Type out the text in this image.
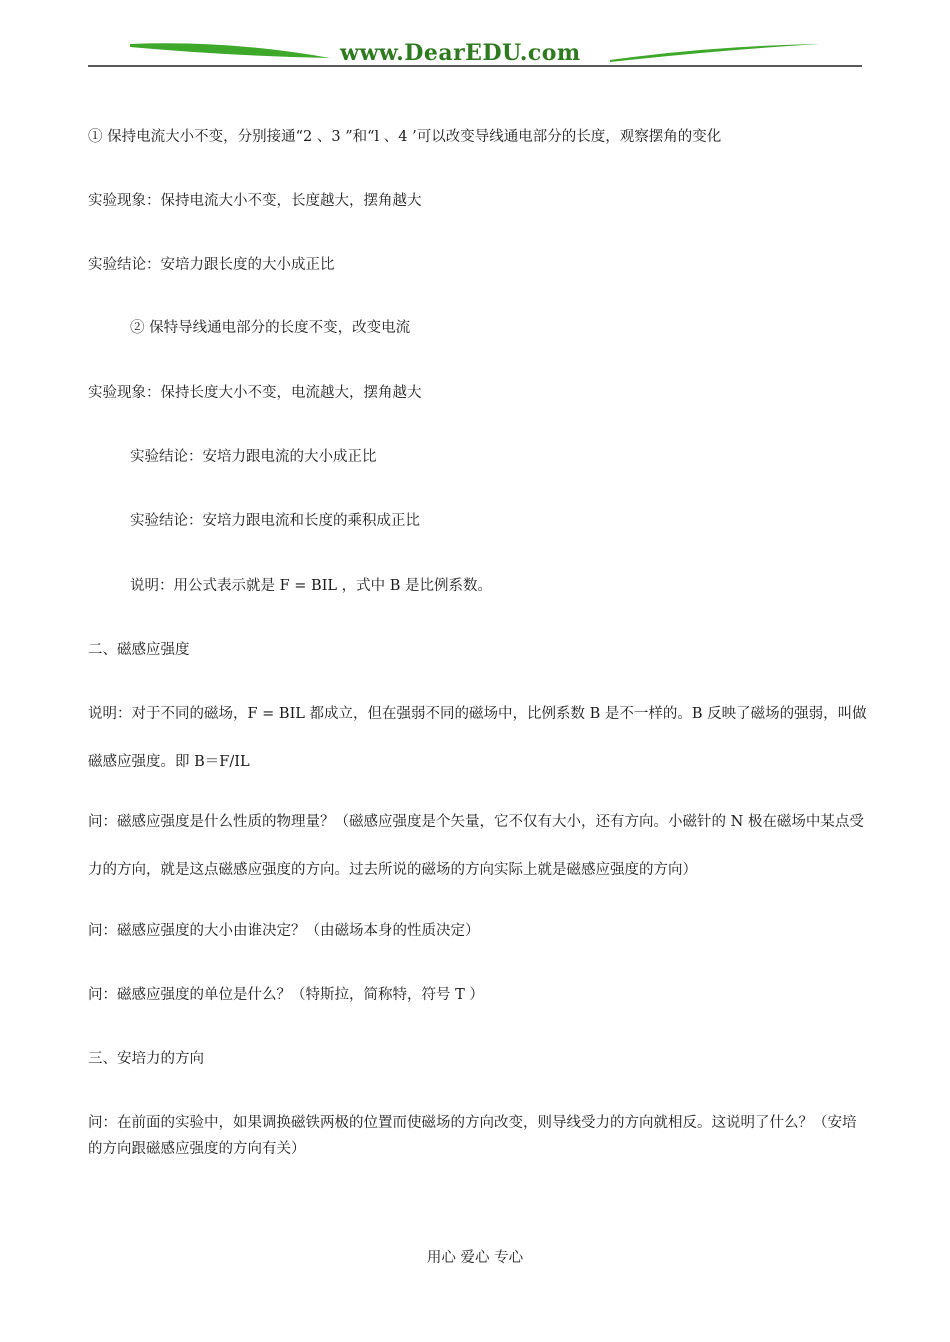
www.DearEDU.com
① 保持电流大小不变，分别接通“2 、3 ”和“l 、4 ’可以改变导线通电部分的长度，观察摆角的变化
实验现象：保持电流大小不变，长度越大，摆角越大
实验结论：安培力跟长度的大小成正比
② 保特导线通电部分的长度不变，改变电流
实验现象：保持长度大小不变，电流越大，摆角越大
实验结论：安培力跟电流的大小成正比
实验结论：安培力跟电流和长度的乘积成正比
说明：用公式表示就是 F = BIL ，式中 B 是比例系数。
二、磁感应强度
说明：对于不同的磁场，F = BIL 都成立，但在强弱不同的磁场中，比例系数 B 是不一样的。B 反映了磁场的强弱，叫做磁感应强度。即 B＝F/IL
问：磁感应强度是什么性质的物理量？（磁感应强度是个矢量，它不仅有大小，还有方向。小磁针的 N 极在磁场中某点受力的方向，就是这点磁感应强度的方向。过去所说的磁场的方向实际上就是磁感应强度的方向）
问：磁感应强度的大小由谁决定？（由磁场本身的性质决定）
问：磁感应强度的单位是什么？（特斯拉，简称特，符号 T ）
三、安培力的方向
问：在前面的实验中，如果调换磁铁两极的位置而使磁场的方向改变，则导线受力的方向就相反。这说明了什么？（安培的方向跟磁感应强度的方向有关）
用心 爱心 专心
